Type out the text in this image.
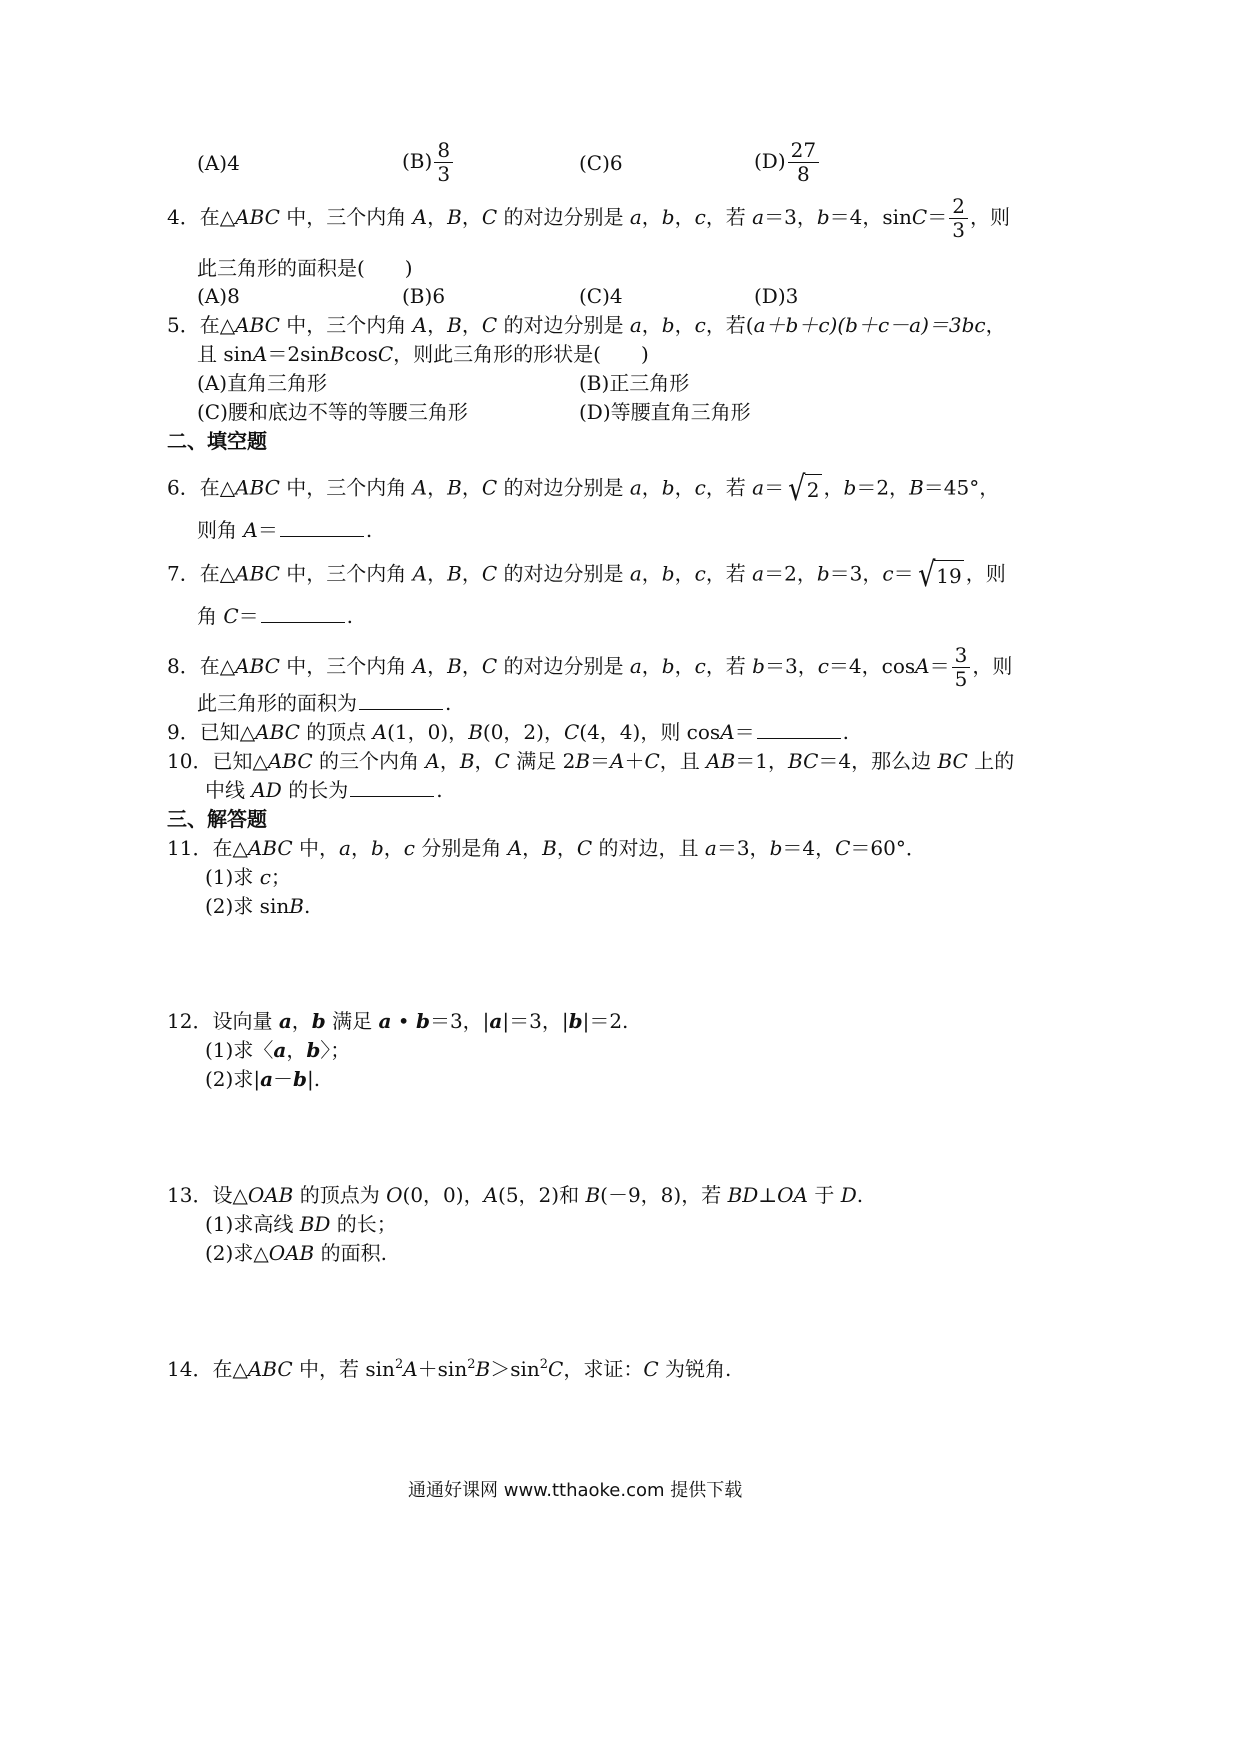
(A)4	$(B) \frac{8}{3}$	(C)6	$(D) \frac{27}{8}$
4．在△ABC 中，三个内角 A，B，C 的对边分别是 a，b，c，若 a＝3，b＝4，$\sin C= \frac{2}{3}$ ，则
此三角形的面积是(　　)
(A)8	(B)6	(C)4	(D)3
5．在△ABC 中，三个内角 A，B，C 的对边分别是 a，b，c，若(a＋b＋c)(b＋c－a)＝3bc，
且 sinA＝2sinBcosC，则此三角形的形状是(　　)
(A)直角三角形	(B)正三角形
(C)腰和底边不等的等腰三角形	(D)等腰直角三角形
二、填空题
6．在△ABC 中，三个内角 A，B，C 的对边分别是 a，b，c，若 a＝ √ 2 ，b＝2，B＝45°，
则角 A＝	.
7．在△ABC 中，三个内角 A，B，C 的对边分别是 a，b，c，若 a＝2，b＝3，c＝ √ 19 ，则
角 C＝	.
8．在△ABC 中，三个内角 A，B，C 的对边分别是 a，b，c，若 b＝3，c＝4，$\cos A= \frac{3}{5}$ ，则
此三角形的面积为	.
9．已知△ABC 的顶点 A(1，0)，B(0，2)，C(4，4)，则 cosA＝	.
10．已知△ABC 的三个内角 A，B，C 满足 2B＝A＋C，且 AB＝1，BC＝4，那么边 BC 上的
中线 AD 的长为	.
三、解答题
11．在△ABC 中，a，b，c 分别是角 A，B，C 的对边，且 a＝3，b＝4，C＝60°．
(1)求 c；
(2)求 sinB.
12．设向量 a，b 满足 a • b＝3，|a|＝3，|b|＝2.
(1)求〈a，b〉；
(2)求|a－b|.
13．设△OAB 的顶点为 O(0，0)，A(5，2)和 B(－9，8)，若 BD⊥OA 于 D.
(1)求高线 BD 的长；
(2)求△OAB 的面积.
14．在△ABC 中，若 $\sin^2A+\sin^2B>\sin^2C$，求证：C 为锐角.
通通好课网 www.tthaoke.com 提供下载
